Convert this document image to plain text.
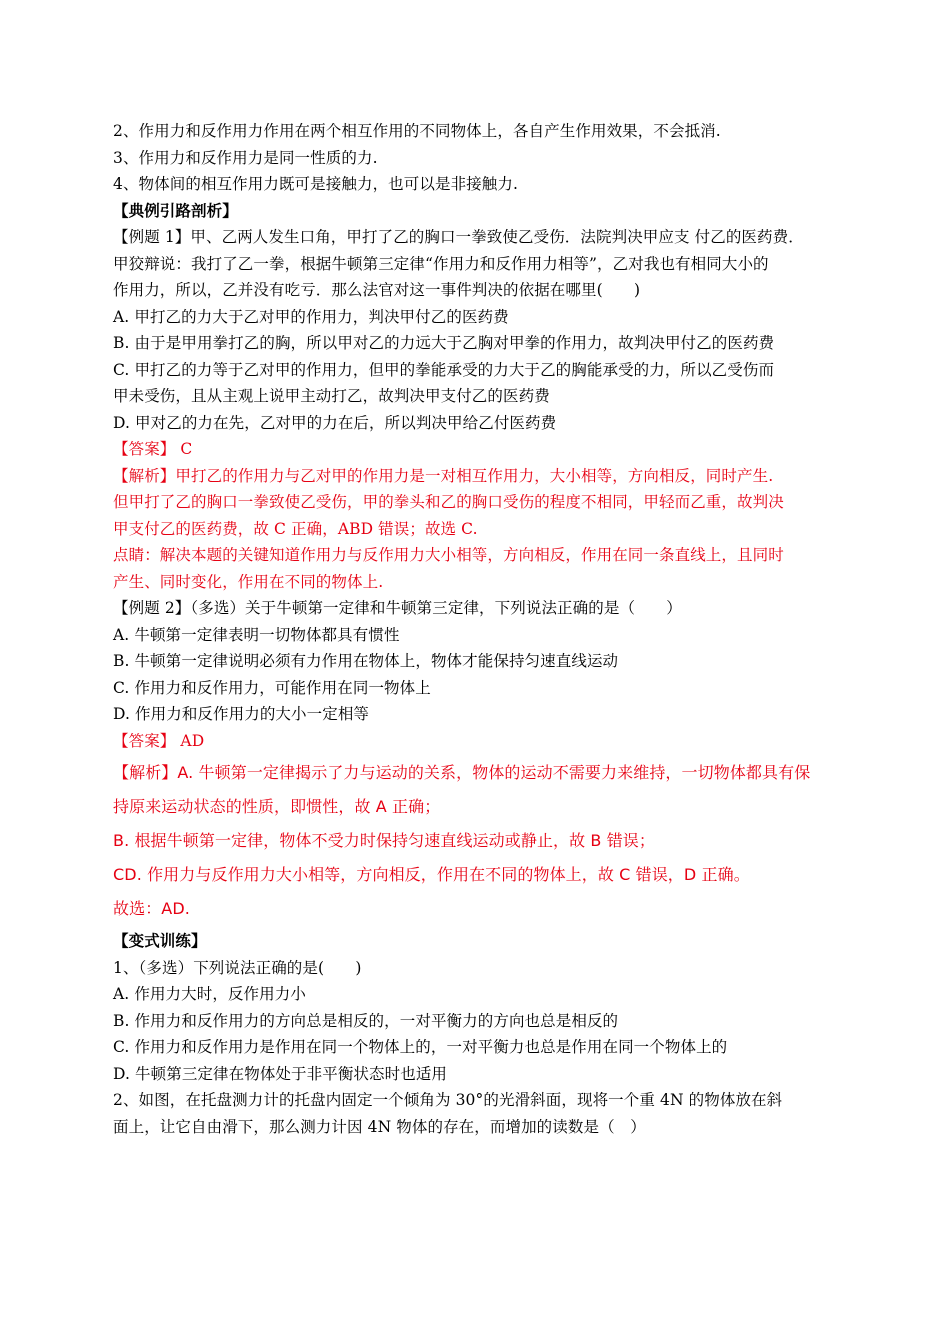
2、作用力和反作用力作用在两个相互作用的不同物体上，各自产生作用效果，不会抵消.
3、作用力和反作用力是同一性质的力.
4、物体间的相互作用力既可是接触力，也可以是非接触力.
【典例引路剖析】
【例题 1】甲、乙两人发生口角，甲打了乙的胸口一拳致使乙受伤．法院判决甲应支 付乙的医药费．
甲狡辩说：我打了乙一拳，根据牛顿第三定律“作用力和反作用力相等”，乙对我也有相同大小的
作用力，所以，乙并没有吃亏．那么法官对这一事件判决的依据在哪里(　　)
A. 甲打乙的力大于乙对甲的作用力，判决甲付乙的医药费
B. 由于是甲用拳打乙的胸，所以甲对乙的力远大于乙胸对甲拳的作用力，故判决甲付乙的医药费
C. 甲打乙的力等于乙对甲的作用力，但甲的拳能承受的力大于乙的胸能承受的力，所以乙受伤而
甲未受伤，且从主观上说甲主动打乙，故判决甲支付乙的医药费
D. 甲对乙的力在先，乙对甲的力在后，所以判决甲给乙付医药费
【答案】 C
【解析】甲打乙的作用力与乙对甲的作用力是一对相互作用力，大小相等，方向相反，同时产生.
但甲打了乙的胸口一拳致使乙受伤，甲的拳头和乙的胸口受伤的程度不相同，甲轻而乙重，故判决
甲支付乙的医药费，故 C 正确，ABD 错误；故选 C.
点睛：解决本题的关键知道作用力与反作用力大小相等，方向相反，作用在同一条直线上，且同时
产生、同时变化，作用在不同的物体上.
【例题 2】（多选）关于牛顿第一定律和牛顿第三定律，下列说法正确的是（　　）
A. 牛顿第一定律表明一切物体都具有惯性
B. 牛顿第一定律说明必须有力作用在物体上，物体才能保持匀速直线运动
C. 作用力和反作用力，可能作用在同一物体上
D. 作用力和反作用力的大小一定相等
【答案】 AD
【解析】A. 牛顿第一定律揭示了力与运动的关系，物体的运动不需要力来维持，一切物体都具有保
持原来运动状态的性质，即惯性，故 A 正确；
B. 根据牛顿第一定律，物体不受力时保持匀速直线运动或静止，故 B 错误；
CD. 作用力与反作用力大小相等，方向相反，作用在不同的物体上，故 C 错误，D 正确。
故选：AD.
【变式训练】
1、（多选）下列说法正确的是(　　)
A. 作用力大时，反作用力小
B. 作用力和反作用力的方向总是相反的，一对平衡力的方向也总是相反的
C. 作用力和反作用力是作用在同一个物体上的，一对平衡力也总是作用在同一个物体上的
D. 牛顿第三定律在物体处于非平衡状态时也适用
2、如图，在托盘测力计的托盘内固定一个倾角为 30°的光滑斜面，现将一个重 4N 的物体放在斜
面上，让它自由滑下，那么测力计因 4N 物体的存在，而增加的读数是（　）
